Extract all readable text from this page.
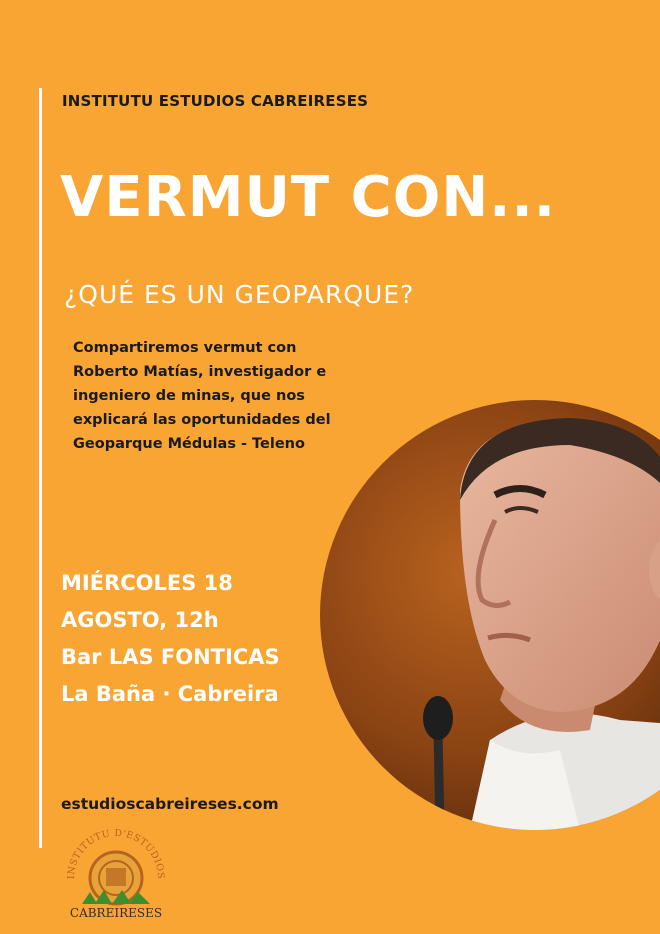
INSTITUTU ESTUDIOS CABREIRESES
VERMUT CON...
¿QUÉ ES UN GEOPARQUE?
Compartiremos vermut con
Roberto Matías, investigador e
ingeniero de minas, que nos
explicará las oportunidades del
Geoparque Médulas - Teleno
MIÉRCOLES 18
AGOSTO, 12h
Bar LAS FONTICAS
La Baña · Cabreira
estudioscabreireses.com
INSTITUTU D'ESTUDIOS
CABREIRESES
